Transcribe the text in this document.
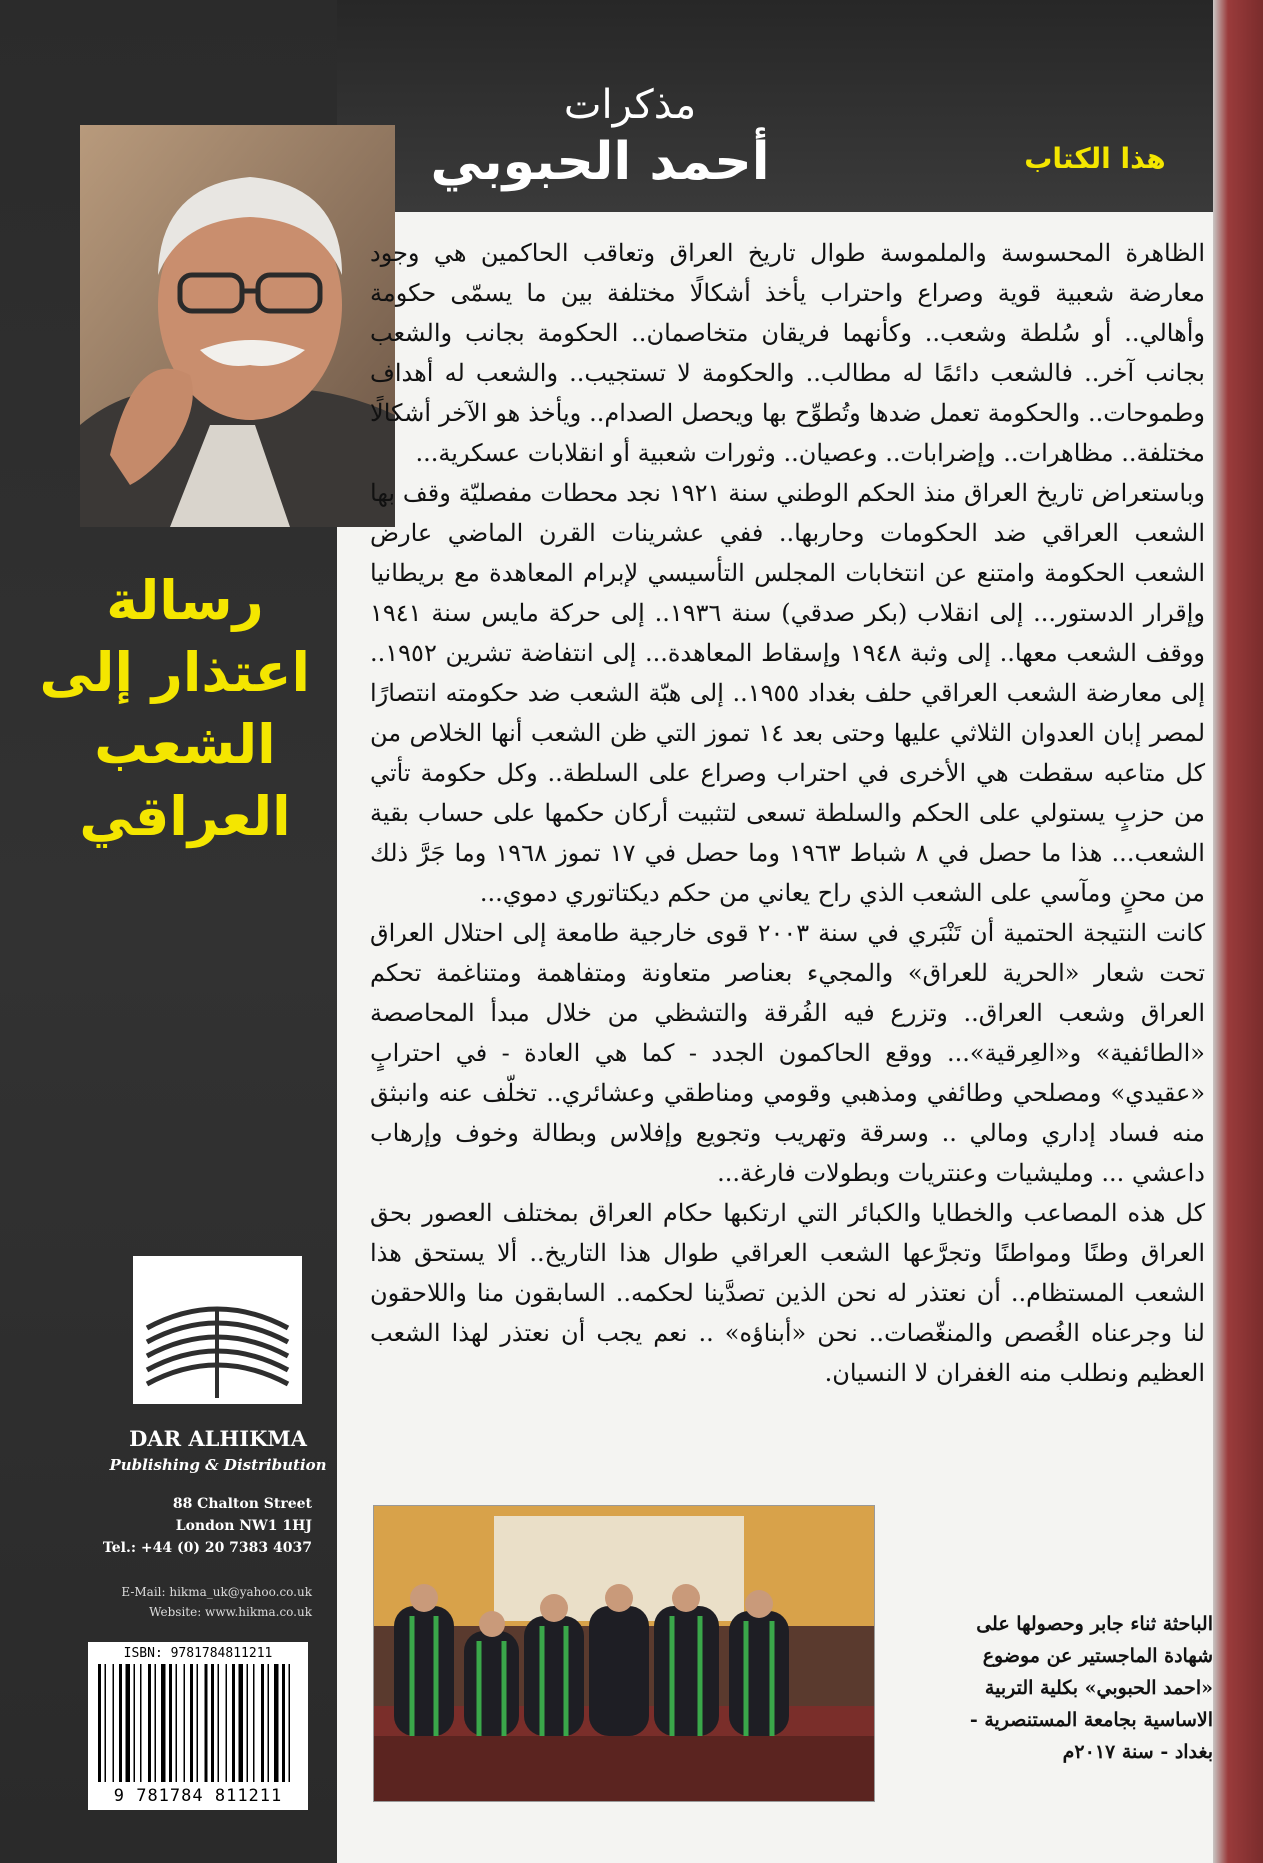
مذكرات
أحمد الحبوبي	هذا الكتاب
رسالة
اعتذار إلى
الشعب
العراقي

الظاهرة المحسوسة والملموسة طوال تاريخ العراق وتعاقب الحاكمين هي وجود معارضة شعبية قوية وصراع واحتراب يأخذ أشكالًا مختلفة بين ما يسمّى حكومة وأهالي.. أو سُلطة وشعب.. وكأنهما فريقان متخاصمان.. الحكومة بجانب والشعب بجانب آخر.. فالشعب دائمًا له مطالب.. والحكومة لا تستجيب.. والشعب له أهداف وطموحات.. والحكومة تعمل ضدها وتُطوِّح بها ويحصل الصدام.. ويأخذ هو الآخر أشكالًا مختلفة.. مظاهرات.. وإضرابات.. وعصيان.. وثورات شعبية أو انقلابات عسكرية...

وباستعراض تاريخ العراق منذ الحكم الوطني سنة ١٩٢١ نجد محطات مفصليّة وقف بها الشعب العراقي ضد الحكومات وحاربها.. ففي عشرينات القرن الماضي عارض الشعب الحكومة وامتنع عن انتخابات المجلس التأسيسي لإبرام المعاهدة مع بريطانيا وإقرار الدستور... إلى انقلاب (بكر صدقي) سنة ١٩٣٦.. إلى حركة مايس سنة ١٩٤١ ووقف الشعب معها.. إلى وثبة ١٩٤٨ وإسقاط المعاهدة... إلى انتفاضة تشرين ١٩٥٢.. إلى معارضة الشعب العراقي حلف بغداد ١٩٥٥.. إلى هبّة الشعب ضد حكومته انتصارًا لمصر إبان العدوان الثلاثي عليها وحتى بعد ١٤ تموز التي ظن الشعب أنها الخلاص من كل متاعبه سقطت هي الأخرى في احتراب وصراع على السلطة.. وكل حكومة تأتي من حزبٍ يستولي على الحكم والسلطة تسعى لتثبيت أركان حكمها على حساب بقية الشعب... هذا ما حصل في ٨ شباط ١٩٦٣ وما حصل في ١٧ تموز ١٩٦٨ وما جَرَّ ذلك من محنٍ ومآسي على الشعب الذي راح يعاني من حكم ديكتاتوري دموي...

كانت النتيجة الحتمية أن تَنْبَري في سنة ٢٠٠٣ قوى خارجية طامعة إلى احتلال العراق تحت شعار «الحرية للعراق» والمجيء بعناصر متعاونة ومتفاهمة ومتناغمة تحكم العراق وشعب العراق.. وتزرع فيه الفُرقة والتشظي من خلال مبدأ المحاصصة «الطائفية» و«العِرقية»... ووقع الحاكمون الجدد - كما هي العادة - في احترابٍ «عقيدي» ومصلحي وطائفي ومذهبي وقومي ومناطقي وعشائري.. تخلّف عنه وانبثق منه فساد إداري ومالي .. وسرقة وتهريب وتجويع وإفلاس وبطالة وخوف وإرهاب داعشي ... ومليشيات وعنتريات وبطولات فارغة...

كل هذه المصاعب والخطايا والكبائر التي ارتكبها حكام العراق بمختلف العصور بحق العراق وطنًا ومواطنًا وتجرَّعها الشعب العراقي طوال هذا التاريخ.. ألا يستحق هذا الشعب المستظام.. أن نعتذر له نحن الذين تصدَّينا لحكمه.. السابقون منا واللاحقون لنا وجرعناه الغُصص والمنغّصات.. نحن «أبناؤه» .. نعم يجب أن نعتذر لهذا الشعب العظيم ونطلب منه الغفران لا النسيان.

DAR ALHIKMA
Publishing & Distribution
88 Chalton Street
London NW1 1HJ
Tel.: +44 (0) 20 7383 4037
E-Mail: hikma_uk@yahoo.co.uk
Website: www.hikma.co.uk
ISBN: 9781784811211
9 781784 811211
الباحثة ثناء جابر وحصولها على
شهادة الماجستير عن موضوع
«احمد الحبوبي» بكلية التربية
الاساسية بجامعة المستنصرية -
بغداد - سنة ٢٠١٧م
